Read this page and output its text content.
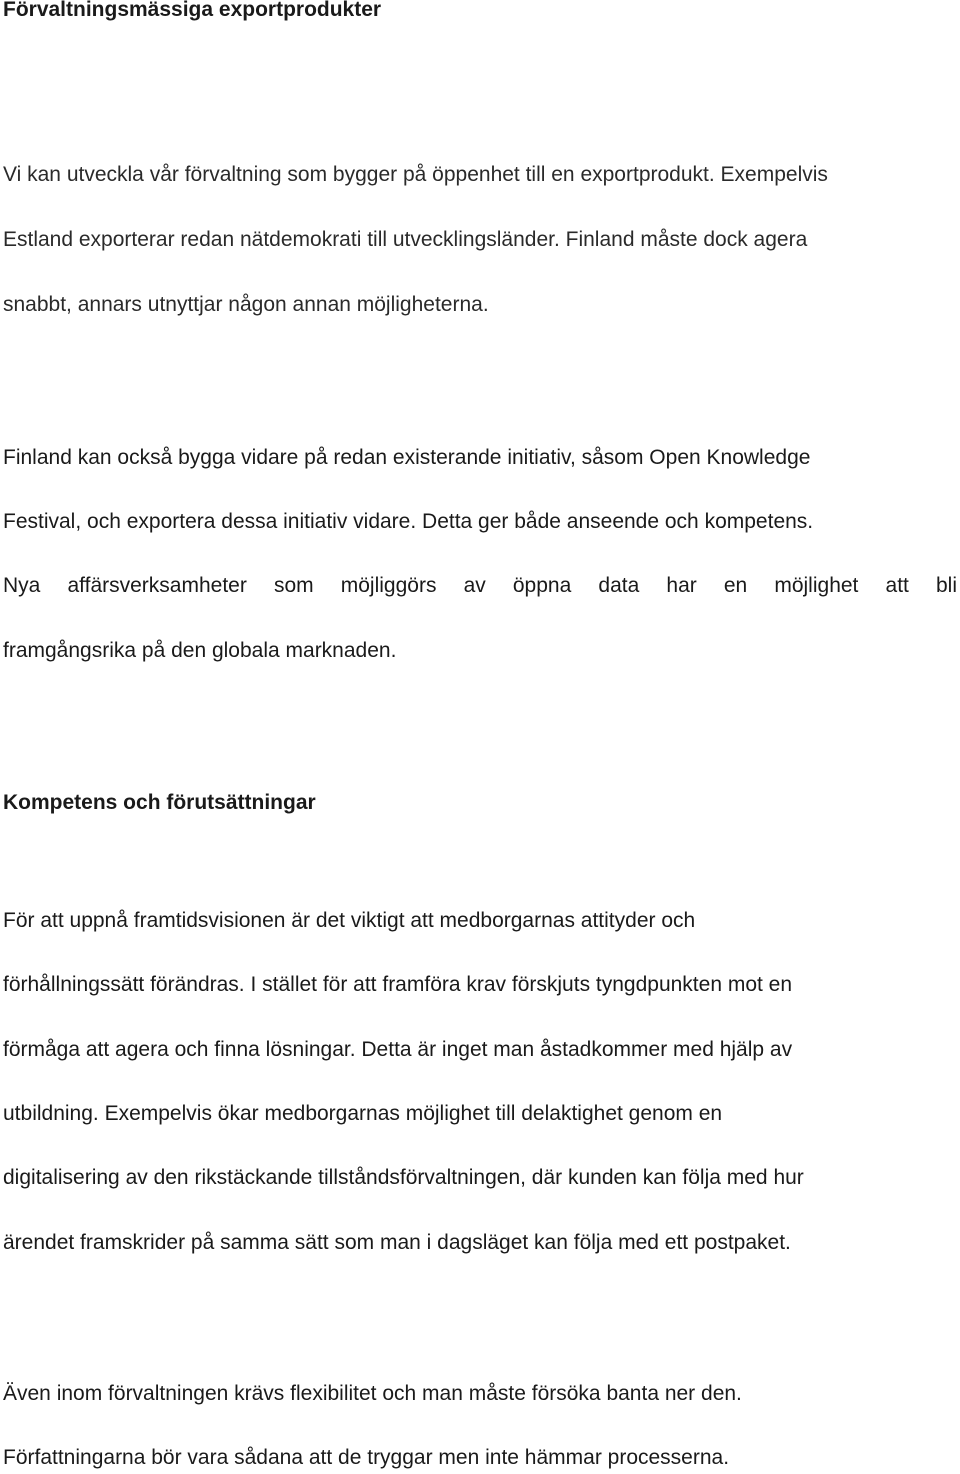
Förvaltningsmässiga exportprodukter

Vi kan utveckla vår förvaltning som bygger på öppenhet till en exportprodukt. Exempelvis

Estland exporterar redan nätdemokrati till utvecklingsländer. Finland måste dock agera

snabbt, annars utnyttjar någon annan möjligheterna.

Finland kan också bygga vidare på redan existerande initiativ, såsom Open Knowledge

Festival, och exportera dessa initiativ vidare. Detta ger både anseende och kompetens.

Nya affärsverksamheter som möjliggörs av öppna data har en möjlighet att bli

framgångsrika på den globala marknaden.

Kompetens och förutsättningar

För att uppnå framtidsvisionen är det viktigt att medborgarnas attityder och

förhållningssätt förändras. I stället för att framföra krav förskjuts tyngdpunkten mot en

förmåga att agera och finna lösningar. Detta är inget man åstadkommer med hjälp av

utbildning. Exempelvis ökar medborgarnas möjlighet till delaktighet genom en

digitalisering av den rikstäckande tillståndsförvaltningen, där kunden kan följa med hur

ärendet framskrider på samma sätt som man i dagsläget kan följa med ett postpaket.

Även inom förvaltningen krävs flexibilitet och man måste försöka banta ner den.

Författningarna bör vara sådana att de tryggar men inte hämmar processerna.
